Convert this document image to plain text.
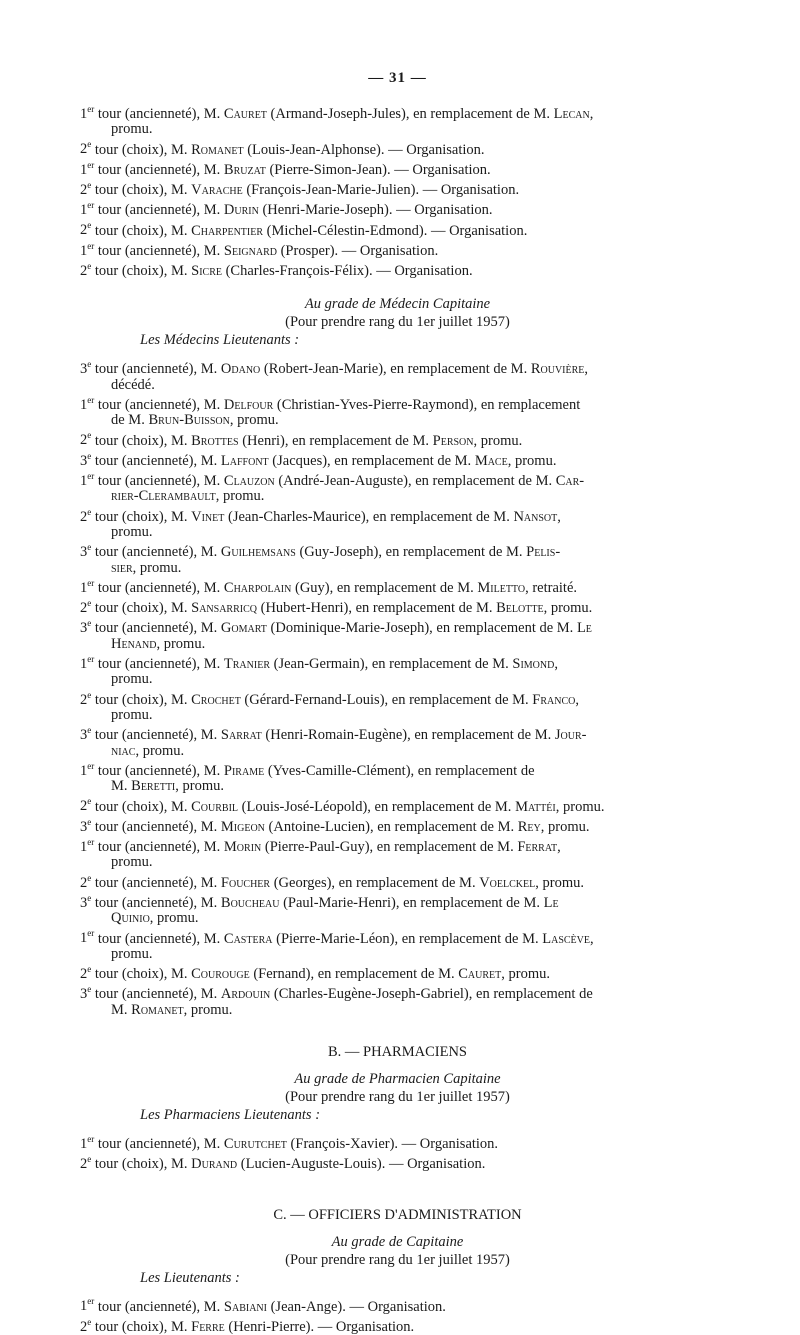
— 31 —
1er tour (ancienneté), M. Cauret (Armand-Joseph-Jules), en remplacement de M. Lecan,
promu.
2e tour (choix), M. Romanet (Louis-Jean-Alphonse). — Organisation.
1er tour (ancienneté), M. Bruzat (Pierre-Simon-Jean). — Organisation.
2e tour (choix), M. Varache (François-Jean-Marie-Julien). — Organisation.
1er tour (ancienneté), M. Durin (Henri-Marie-Joseph). — Organisation.
2e tour (choix), M. Charpentier (Michel-Célestin-Edmond). — Organisation.
1er tour (ancienneté), M. Seignard (Prosper). — Organisation.
2e tour (choix), M. Sicre (Charles-François-Félix). — Organisation.
Au grade de Médecin Capitaine
(Pour prendre rang du 1er juillet 1957)
Les Médecins Lieutenants :
3e tour (ancienneté), M. Odano (Robert-Jean-Marie), en remplacement de M. Rouvière,
décédé.
1er tour (ancienneté), M. Delfour (Christian-Yves-Pierre-Raymond), en remplacement
de M. Brun-Buisson, promu.
2e tour (choix), M. Brottes (Henri), en remplacement de M. Person, promu.
3e tour (ancienneté), M. Laffont (Jacques), en remplacement de M. Mace, promu.
1er tour (ancienneté), M. Clauzon (André-Jean-Auguste), en remplacement de M. Car-
rier-Clerambault, promu.
2e tour (choix), M. Vinet (Jean-Charles-Maurice), en remplacement de M. Nansot,
promu.
3e tour (ancienneté), M. Guilhemsans (Guy-Joseph), en remplacement de M. Pelis-
sier, promu.
1er tour (ancienneté), M. Charpolain (Guy), en remplacement de M. Miletto, retraité.
2e tour (choix), M. Sansarricq (Hubert-Henri), en remplacement de M. Belotte, promu.
3e tour (ancienneté), M. Gomart (Dominique-Marie-Joseph), en remplacement de M. Le
Henand, promu.
1er tour (ancienneté), M. Tranier (Jean-Germain), en remplacement de M. Simond,
promu.
2e tour (choix), M. Crochet (Gérard-Fernand-Louis), en remplacement de M. Franco,
promu.
3e tour (ancienneté), M. Sarrat (Henri-Romain-Eugène), en remplacement de M. Jour-
niac, promu.
1er tour (ancienneté), M. Pirame (Yves-Camille-Clément), en remplacement de
M. Beretti, promu.
2e tour (choix), M. Courbil (Louis-José-Léopold), en remplacement de M. Mattéi, promu.
3e tour (ancienneté), M. Migeon (Antoine-Lucien), en remplacement de M. Rey, promu.
1er tour (ancienneté), M. Morin (Pierre-Paul-Guy), en remplacement de M. Ferrat,
promu.
2e tour (ancienneté), M. Foucher (Georges), en remplacement de M. Voelckel, promu.
3e tour (ancienneté), M. Boucheau (Paul-Marie-Henri), en remplacement de M. Le
Quinio, promu.
1er tour (ancienneté), M. Castera (Pierre-Marie-Léon), en remplacement de M. Lascève,
promu.
2e tour (choix), M. Courouge (Fernand), en remplacement de M. Cauret, promu.
3e tour (ancienneté), M. Ardouin (Charles-Eugène-Joseph-Gabriel), en remplacement de
M. Romanet, promu.
B. — PHARMACIENS
Au grade de Pharmacien Capitaine
(Pour prendre rang du 1er juillet 1957)
Les Pharmaciens Lieutenants :
1er tour (ancienneté), M. Curutchet (François-Xavier). — Organisation.
2e tour (choix), M. Durand (Lucien-Auguste-Louis). — Organisation.
C. — OFFICIERS D'ADMINISTRATION
Au grade de Capitaine
(Pour prendre rang du 1er juillet 1957)
Les Lieutenants :
1er tour (ancienneté), M. Sabiani (Jean-Ange). — Organisation.
2e tour (choix), M. Ferre (Henri-Pierre). — Organisation.
